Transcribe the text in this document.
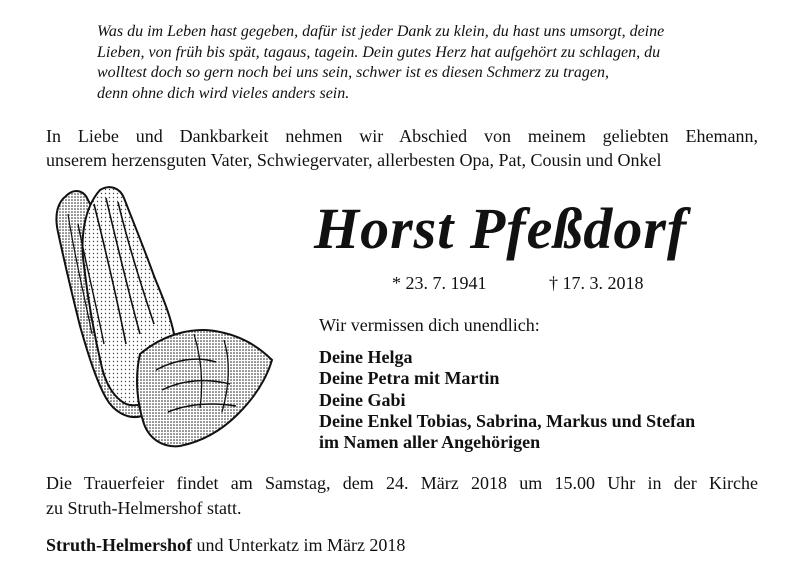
Was du im Leben hast gegeben, dafür ist jeder Dank zu klein, du hast uns umsorgt, deine
Lieben, von früh bis spät, tagaus, tagein. Dein gutes Herz hat aufgehört zu schlagen, du
wolltest doch so gern noch bei uns sein, schwer ist es diesen Schmerz zu tragen,
denn ohne dich wird vieles anders sein.
In Liebe und Dankbarkeit nehmen wir Abschied von meinem geliebten Ehemann,
unserem herzensguten Vater, Schwiegervater, allerbesten Opa, Pat, Cousin und Onkel
Horst Pfeßdorf
* 23. 7. 1941	† 17. 3. 2018
Wir vermissen dich unendlich:
Deine Helga
Deine Petra mit Martin
Deine Gabi
Deine Enkel Tobias, Sabrina, Markus und Stefan
im Namen aller Angehörigen
Die Trauerfeier findet am Samstag, dem 24. März 2018 um 15.00 Uhr in der Kirche
zu Struth-Helmershof statt.
Struth-Helmershof und Unterkatz im März 2018
